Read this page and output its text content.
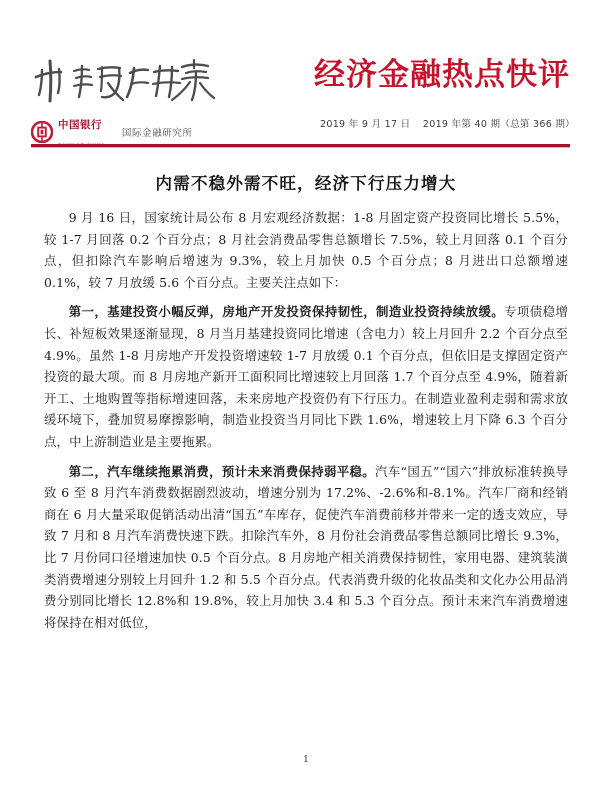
经济金融热点快评
中国银行

国际金融研究所
2019 年 9 月 17 日 2019 年第 40 期（总第 366 期）
内需不稳外需不旺，经济下行压力增大

9 月 16 日，国家统计局公布 8 月宏观经济数据：1-8 月固定资产投资同比增长 5.5%，较 1-7 月回落 0.2 个百分点；8 月社会消费品零售总额增长 7.5%，较上月回落 0.1 个百分点，但扣除汽车影响后增速为 9.3%，较上月加快 0.5 个百分点；8 月进出口总额增速 0.1%，较 7 月放缓 5.6 个百分点。主要关注点如下：

第一，基建投资小幅反弹，房地产开发投资保持韧性，制造业投资持续放缓。专项债稳增长、补短板效果逐渐显现，8 月当月基建投资同比增速（含电力）较上月回升 2.2 个百分点至 4.9%。虽然 1-8 月房地产开发投资增速较 1-7 月放缓 0.1 个百分点，但依旧是支撑固定资产投资的最大项。而 8 月房地产新开工面积同比增速较上月回落 1.7 个百分点至 4.9%，随着新开工、土地购置等指标增速回落，未来房地产投资仍有下行压力。在制造业盈利走弱和需求放缓环境下，叠加贸易摩擦影响，制造业投资当月同比下跌 1.6%，增速较上月下降 6.3 个百分点，中上游制造业是主要拖累。

第二，汽车继续拖累消费，预计未来消费保持弱平稳。汽车“国五”“国六”排放标准转换导致 6 至 8 月汽车消费数据剧烈波动，增速分别为 17.2%、-2.6%和-8.1%。汽车厂商和经销商在 6 月大量采取促销活动出清“国五”车库存，促使汽车消费前移并带来一定的透支效应，导致 7 月和 8 月汽车消费快速下跌。扣除汽车外，8 月份社会消费品零售总额同比增长 9.3%，比 7 月份同口径增速加快 0.5 个百分点。8 月房地产相关消费保持韧性，家用电器、建筑装潢类消费增速分别较上月回升 1.2 和 5.5 个百分点。代表消费升级的化妆品类和文化办公用品消费分别同比增长 12.8%和 19.8%，较上月加快 3.4 和 5.3 个百分点。预计未来汽车消费增速将保持在相对低位，

1
